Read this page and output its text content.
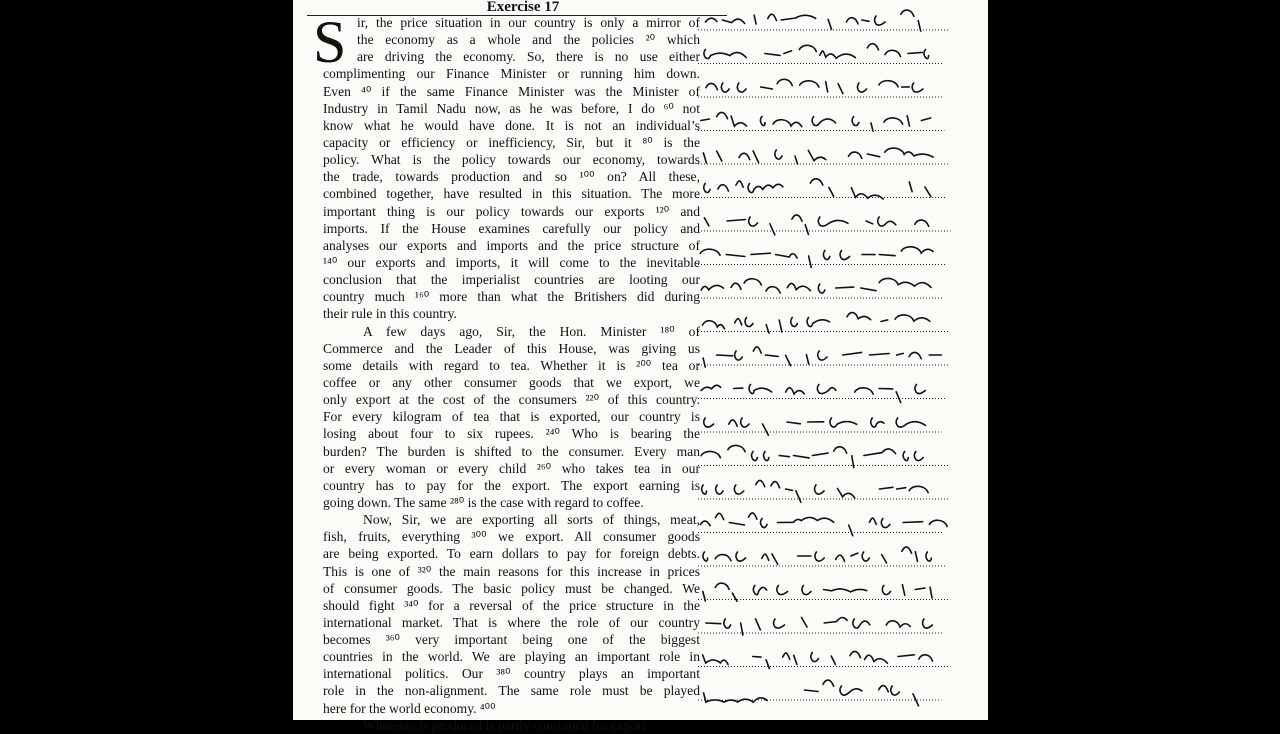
Exercise 17
S ir, the price situation in our country is only a mirror of
the economy as a whole and the policies ²⁰ which
are driving the economy. So, there is no use either
complimenting our Finance Minister or running him down.
Even ⁴⁰ if the same Finance Minister was the Minister of
Industry in Tamil Nadu now, as he was before, I do ⁶⁰ not
know what he would have done. It is not an individual’s
capacity or efficiency or inefficiency, Sir, but it ⁸⁰ is the
policy. What is the policy towards our economy, towards
the trade, towards production and so ¹⁰⁰ on? All these,
combined together, have resulted in this situation. The more
important thing is our policy towards our exports ¹²⁰ and
imports. If the House examines carefully our policy and
analyses our exports and imports and the price structure of
¹⁴⁰ our exports and imports, it will come to the inevitable
conclusion that the imperialist countries are looting our
country much ¹⁶⁰ more than what the Britishers did during
their rule in this country.
A few days ago, Sir, the Hon. Minister ¹⁸⁰ of
Commerce and the Leader of this House, was giving us
some details with regard to tea. Whether it is ²⁰⁰ tea or
coffee or any other consumer goods that we export, we
only export at the cost of the consumers ²²⁰ of this country.
For every kilogram of tea that is exported, our country is
losing about four to six rupees. ²⁴⁰ Who is bearing the
burden? The burden is shifted to the consumer. Every man
or every woman or every child ²⁶⁰ who takes tea in our
country has to pay for the export. The export earning is
going down. The same ²⁸⁰ is the case with regard to coffee.
Now, Sir, we are exporting all sorts of things, meat,
fish, fruits, everything ³⁰⁰ we export. All consumer goods
are being exported. To earn dollars to pay for foreign debts.
This is one of ³²⁰ the main reasons for this increase in prices
of consumer goods. The basic policy must be changed. We
should fight ³⁴⁰ for a reversal of the price structure in the
international market. That is where the role of our country
becomes ³⁶⁰ very important being one of the biggest
countries in the world. We are playing an important role in
international politics. Our ³⁸⁰ country plays an important
role in the non-alignment. The same role must be played
here for the world economy. ⁴⁰⁰
Whatever is produced is partly consumed for export
